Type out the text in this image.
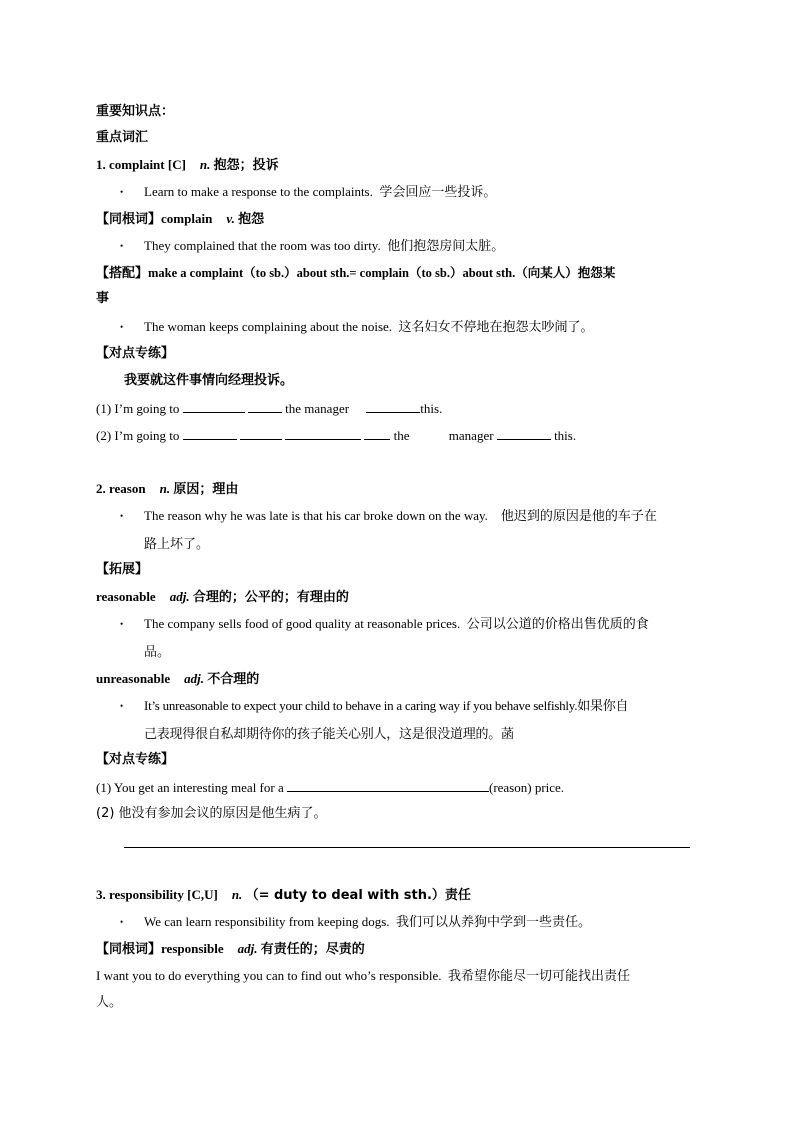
重要知识点：
重点词汇
1. complaint [C] n. 抱怨；投诉
• Learn to make a response to the complaints. 学会回应一些投诉。
【同根词】complain v. 抱怨
• They complained that the room was too dirty. 他们抱怨房间太脏。
【搭配】make a complaint（to sb.）about sth.= complain（to sb.）about sth.（向某人）抱怨某
事
• The woman keeps complaining about the noise. 这名妇女不停地在抱怨太吵闹了。
【对点专练】
我要就这件事情向经理投诉。
(1) I’m going to	the manager	this.
(2) I’m going to	the	manager	this.
2. reason n. 原因；理由
• The reason why he was late is that his car broke down on the way. 他迟到的原因是他的车子在
路上坏了。
【拓展】
reasonable adj. 合理的；公平的；有理由的
• The company sells food of good quality at reasonable prices. 公司以公道的价格出售优质的食
品。
unreasonable adj. 不合理的
• It’s unreasonable to expect your child to behave in a caring way if you behave selfishly.如果你自
己表现得很自私却期待你的孩子能关心别人，这是很没道理的。菡
【对点专练】
(1) You get an interesting meal for a	(reason) price.
(2) 他没有参加会议的原因是他生病了。
3. responsibility [C,U] n. （= duty to deal with sth.）责任
• We can learn responsibility from keeping dogs. 我们可以从养狗中学到一些责任。
【同根词】responsible adj. 有责任的；尽责的
I want you to do everything you can to find out who’s responsible. 我希望你能尽一切可能找出责任
人。
